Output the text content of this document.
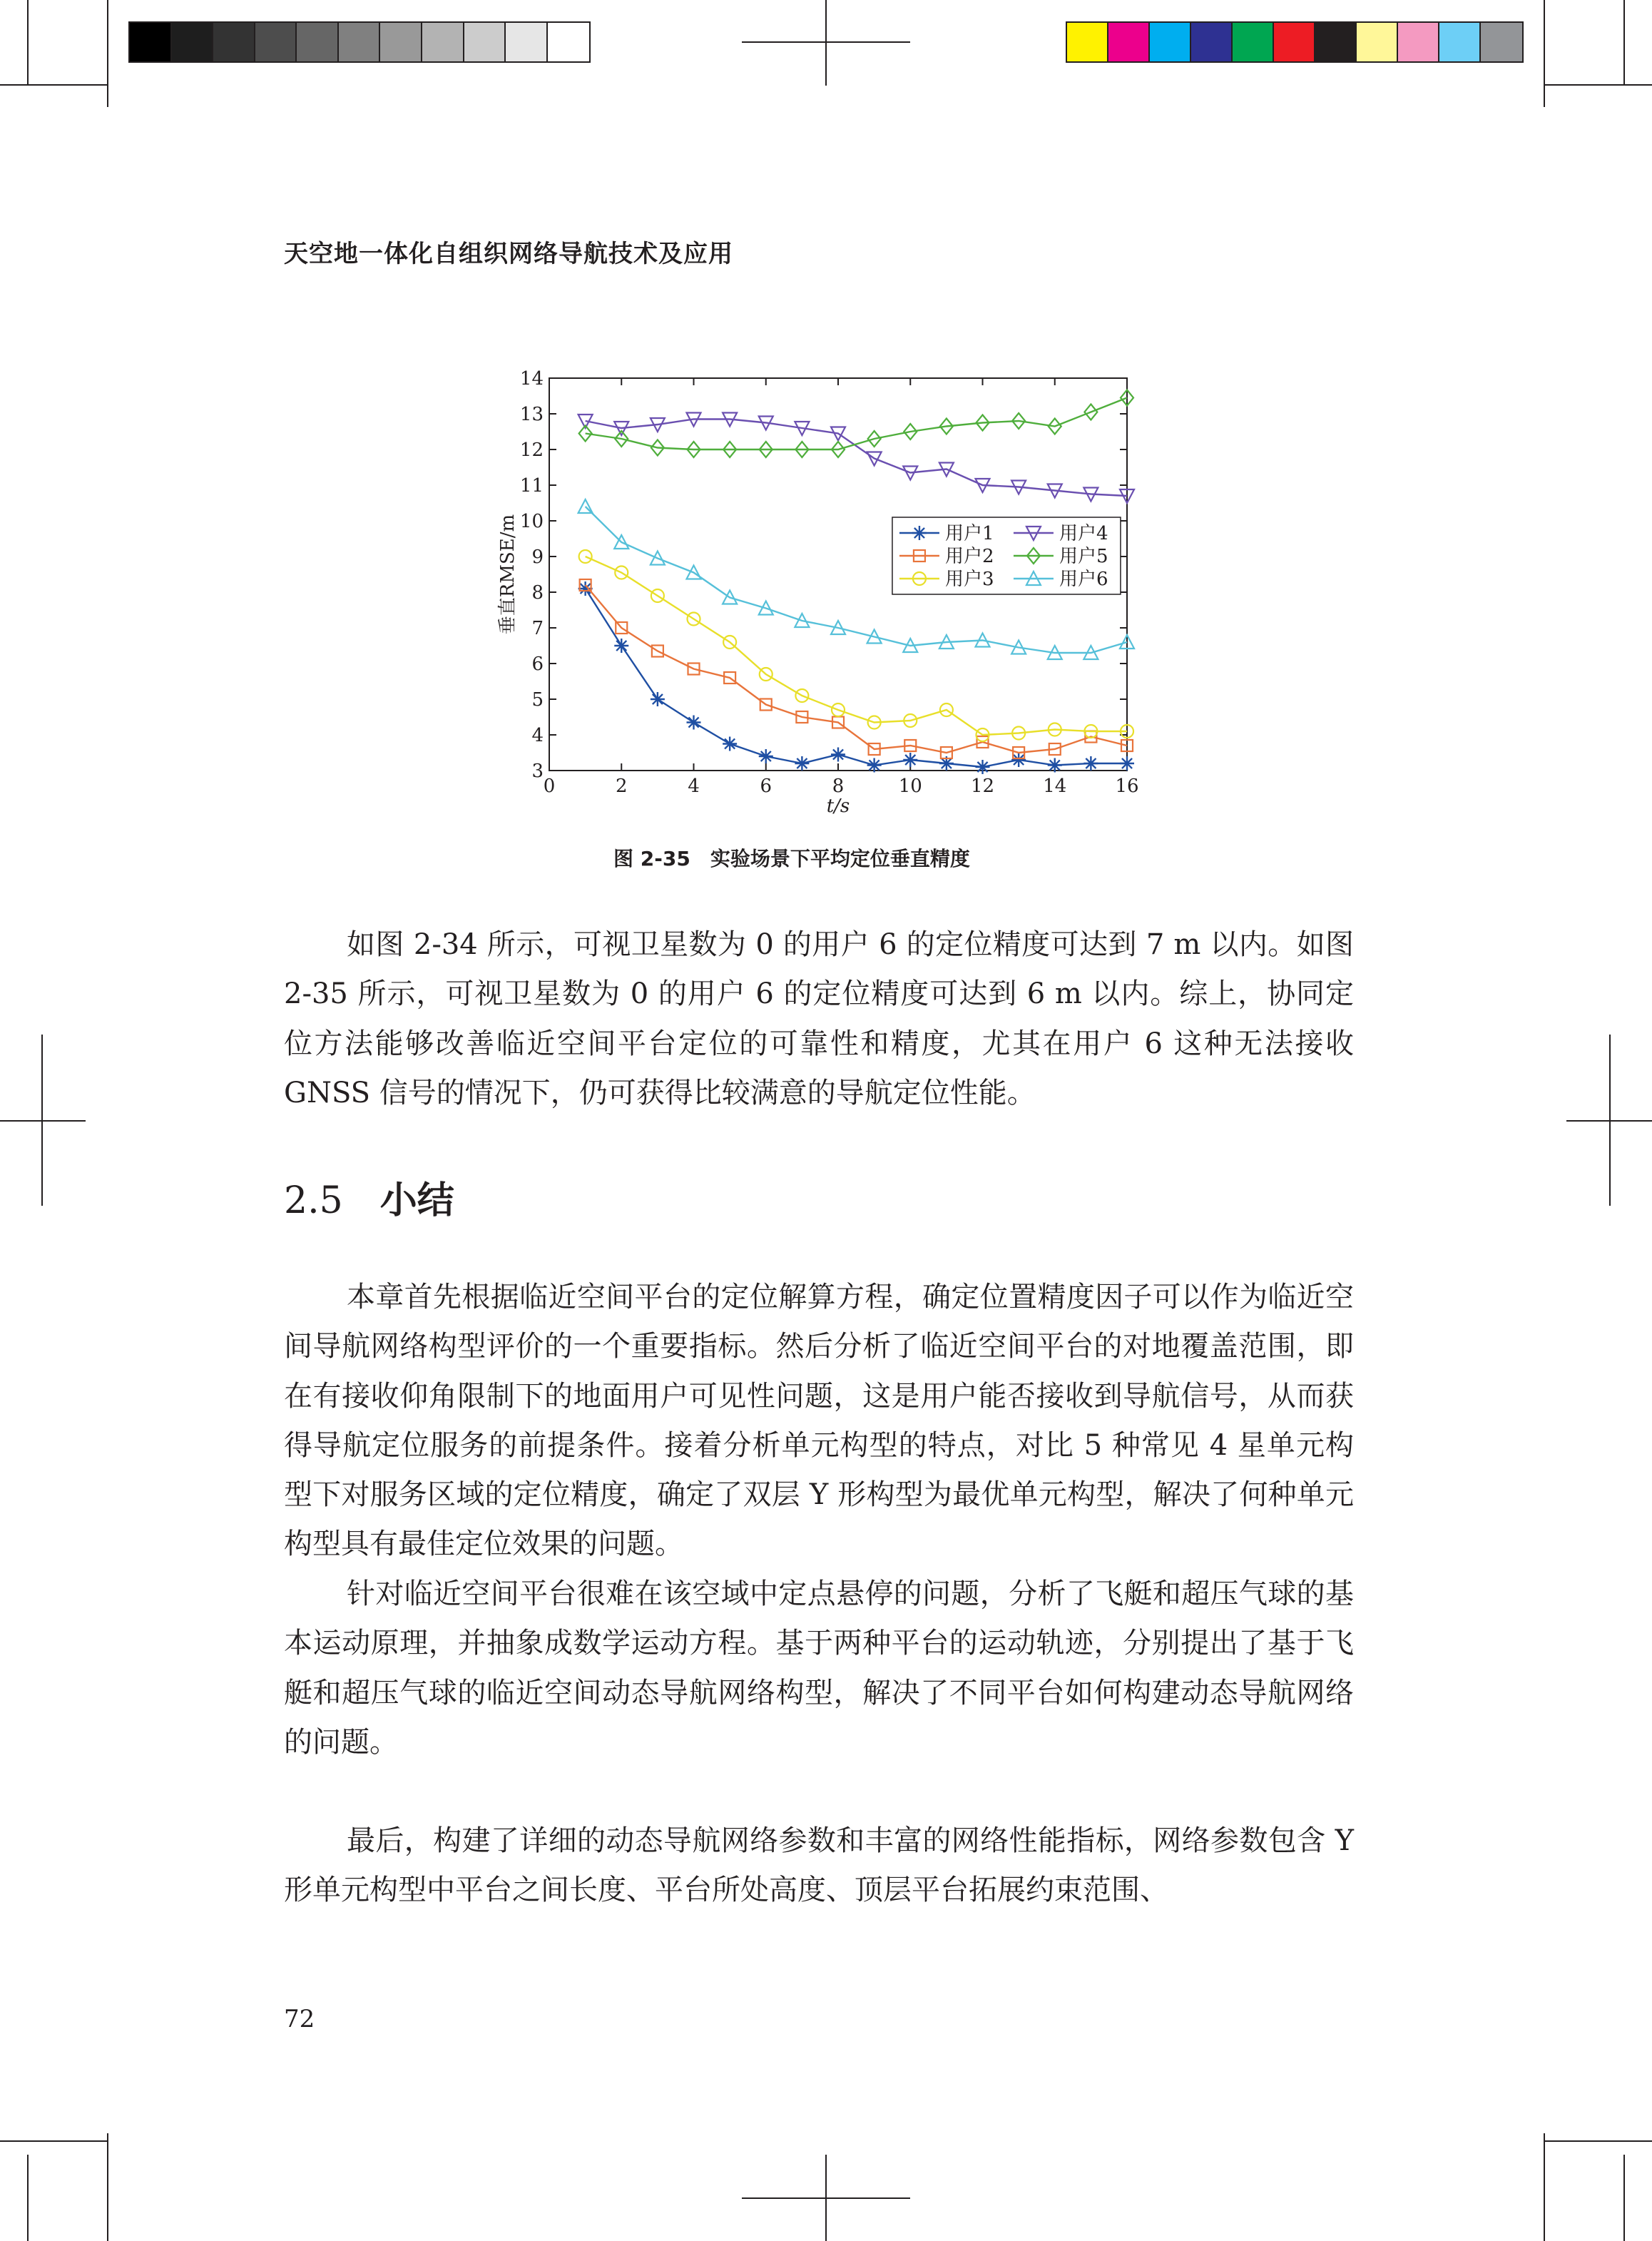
天空地一体化自组织网络导航技术及应用
0	2	4	6	8	10	12	14	16
3
4
5
6
7
8
9
10
11
12
13
14
t/s
垂直RMSE/m	用户1
用户2
用户3
用户4
用户5
用户6
图 2-35 实验场景下平均定位垂直精度

如图 2-34 所示，可视卫星数为 0 的用户 6 的定位精度可达到 7 m 以内。如图 2-35 所示，可视卫星数为 0 的用户 6 的定位精度可达到 6 m 以内。综上，协同定位方法能够改善临近空间平台定位的可靠性和精度，尤其在用户 6 这种无法接收 GNSS 信号的情况下，仍可获得比较满意的导航定位性能。

2.5 小结

本章首先根据临近空间平台的定位解算方程，确定位置精度因子可以作为临近空间导航网络构型评价的一个重要指标。然后分析了临近空间平台的对地覆盖范围，即在有接收仰角限制下的地面用户可见性问题，这是用户能否接收到导航信号，从而获得导航定位服务的前提条件。接着分析单元构型的特点，对比 5 种常见 4 星单元构型下对服务区域的定位精度，确定了双层 Y 形构型为最优单元构型，解决了何种单元构型具有最佳定位效果的问题。

针对临近空间平台很难在该空域中定点悬停的问题，分析了飞艇和超压气球的基本运动原理，并抽象成数学运动方程。基于两种平台的运动轨迹，分别提出了基于飞艇和超压气球的临近空间动态导航网络构型，解决了不同平台如何构建动态导航网络的问题。

最后，构建了详细的动态导航网络参数和丰富的网络性能指标，网络参数包含 Y 形单元构型中平台之间长度、平台所处高度、顶层平台拓展约束范围、

72
